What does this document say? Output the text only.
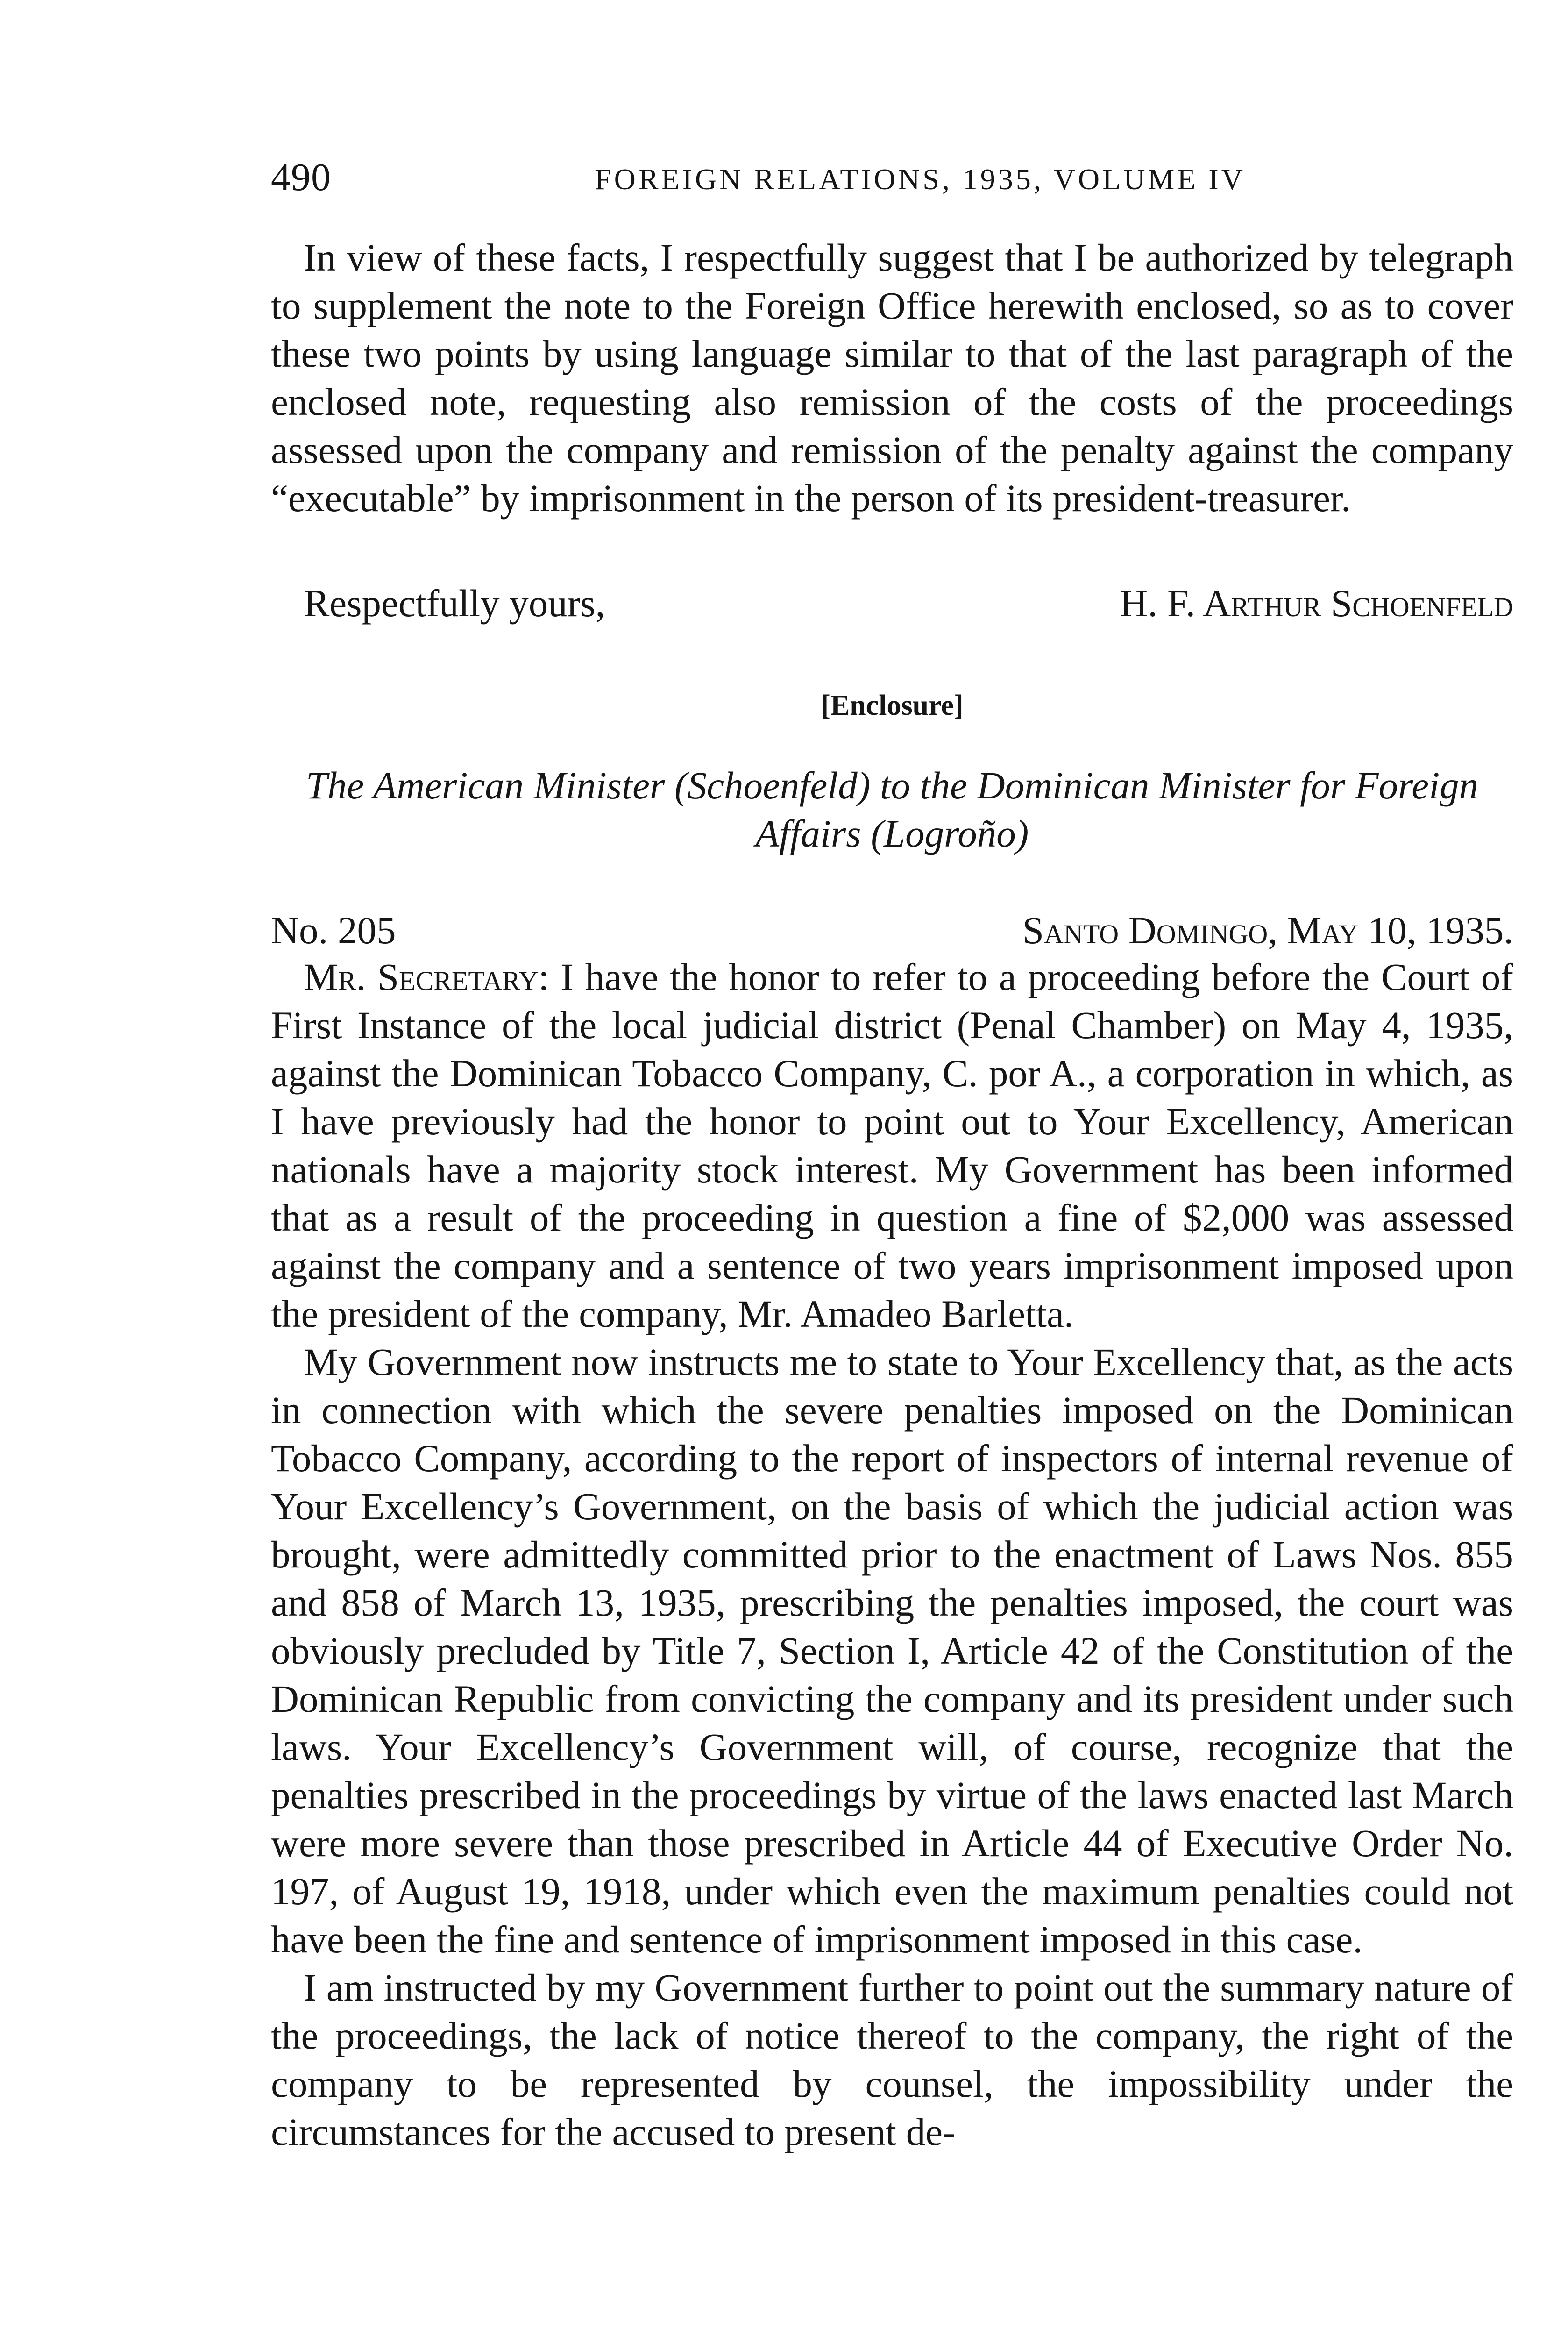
490	FOREIGN RELATIONS, 1935, VOLUME IV

In view of these facts, I respectfully suggest that I be authorized by telegraph to supplement the note to the Foreign Office herewith enclosed, so as to cover these two points by using language similar to that of the last paragraph of the enclosed note, requesting also remission of the costs of the proceedings assessed upon the company and remission of the penalty against the company “executable” by imprisonment in the person of its president-treasurer.

Respectfully yours,	H. F. Arthur Schoenfeld
[Enclosure]
The American Minister (Schoenfeld) to the Dominican Minister for Foreign Affairs (Logroño)
No. 205	Santo Domingo, May 10, 1935.

Mr. Secretary: I have the honor to refer to a proceeding before the Court of First Instance of the local judicial district (Penal Chamber) on May 4, 1935, against the Dominican Tobacco Company, C. por A., a corporation in which, as I have previously had the honor to point out to Your Excellency, American nationals have a majority stock interest. My Government has been informed that as a result of the proceeding in question a fine of $2,000 was assessed against the company and a sentence of two years imprisonment imposed upon the president of the company, Mr. Amadeo Barletta.

My Government now instructs me to state to Your Excellency that, as the acts in connection with which the severe penalties imposed on the Dominican Tobacco Company, according to the report of inspectors of internal revenue of Your Excellency’s Government, on the basis of which the judicial action was brought, were admittedly committed prior to the enactment of Laws Nos. 855 and 858 of March 13, 1935, prescribing the penalties imposed, the court was obviously precluded by Title 7, Section I, Article 42 of the Constitution of the Dominican Republic from convicting the company and its president under such laws. Your Excellency’s Government will, of course, recognize that the penalties prescribed in the proceedings by virtue of the laws enacted last March were more severe than those prescribed in Article 44 of Executive Order No. 197, of August 19, 1918, under which even the maximum penalties could not have been the fine and sentence of imprisonment imposed in this case.

I am instructed by my Government further to point out the summary nature of the proceedings, the lack of notice thereof to the company, the right of the company to be represented by counsel, the impossibility under the circumstances for the accused to present de-
